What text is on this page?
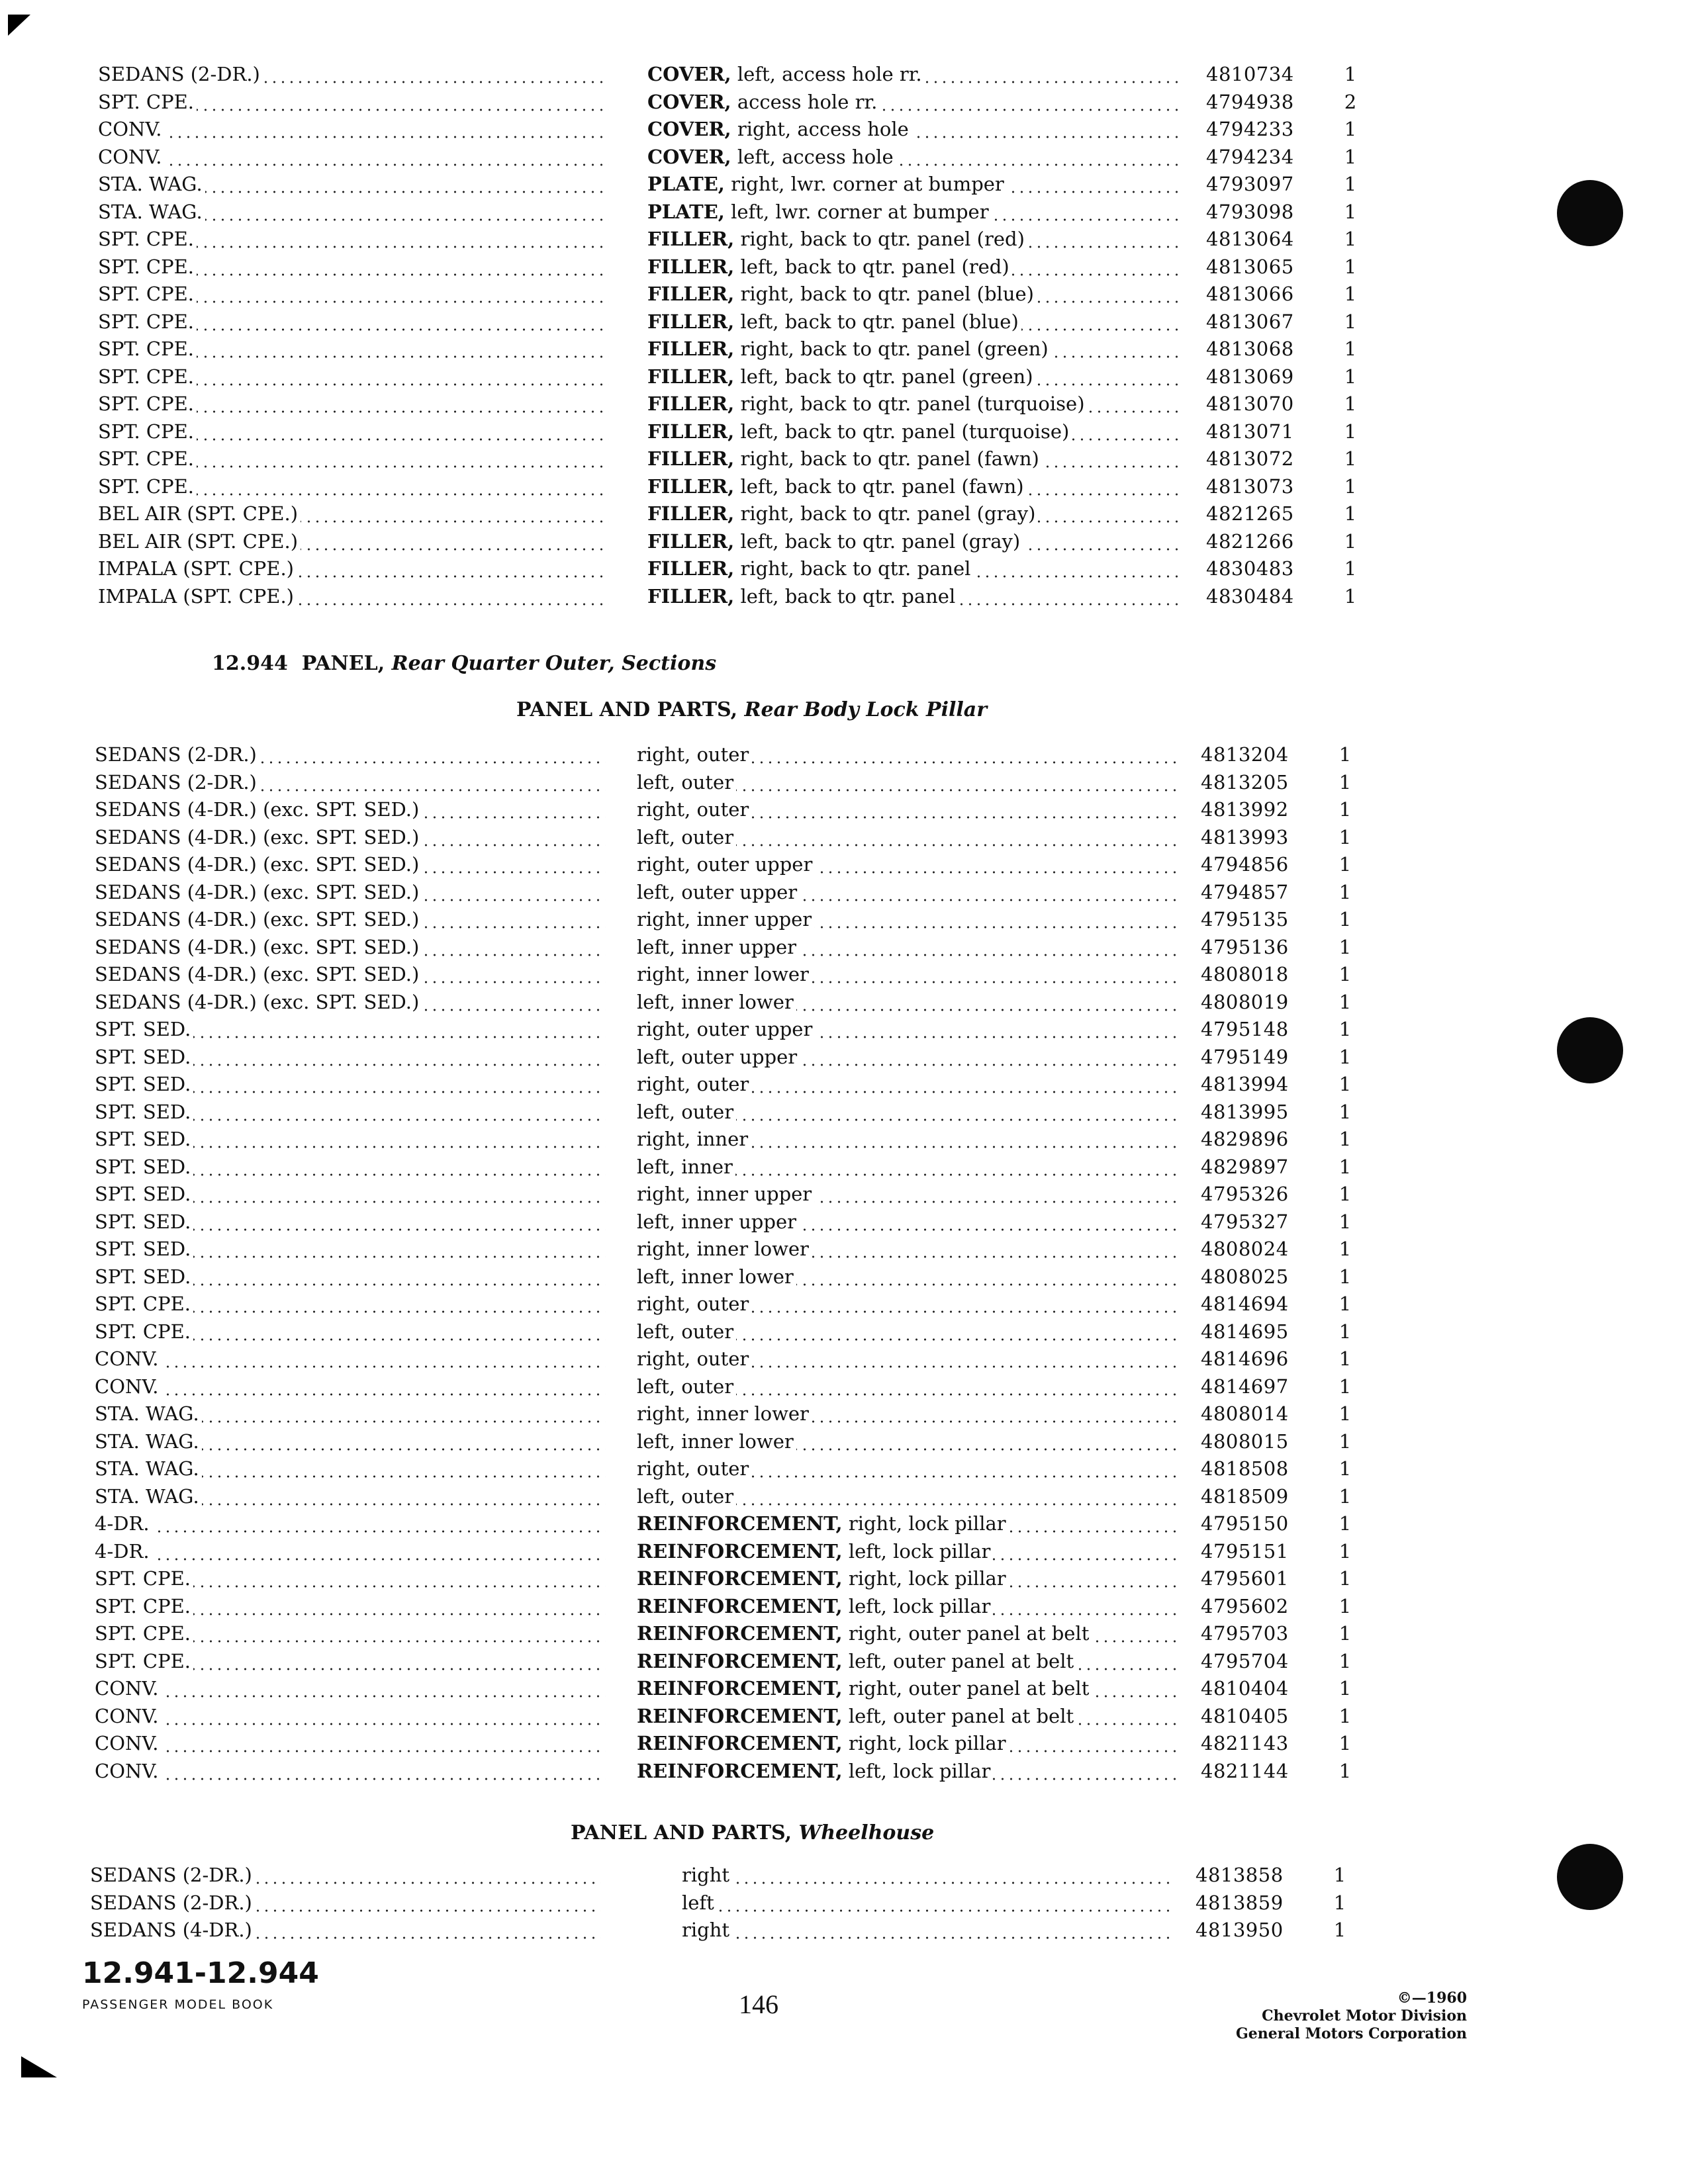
SEDANS (2-DR.)	COVER, left, access hole rr.	4810734	1
SPT. CPE.	COVER, access hole rr.	4794938	2
CONV.	COVER, right, access hole	4794233	1
CONV.	COVER, left, access hole	4794234	1
STA. WAG.	PLATE, right, lwr. corner at bumper	4793097	1
STA. WAG.	PLATE, left, lwr. corner at bumper	4793098	1
SPT. CPE.	FILLER, right, back to qtr. panel (red)	4813064	1
SPT. CPE.	FILLER, left, back to qtr. panel (red)	4813065	1
SPT. CPE.	FILLER, right, back to qtr. panel (blue)	4813066	1
SPT. CPE.	FILLER, left, back to qtr. panel (blue)	4813067	1
SPT. CPE.	FILLER, right, back to qtr. panel (green)	4813068	1
SPT. CPE.	FILLER, left, back to qtr. panel (green)	4813069	1
SPT. CPE.	FILLER, right, back to qtr. panel (turquoise)	4813070	1
SPT. CPE.	FILLER, left, back to qtr. panel (turquoise)	4813071	1
SPT. CPE.	FILLER, right, back to qtr. panel (fawn)	4813072	1
SPT. CPE.	FILLER, left, back to qtr. panel (fawn)	4813073	1
BEL AIR (SPT. CPE.)	FILLER, right, back to qtr. panel (gray)	4821265	1
BEL AIR (SPT. CPE.)	FILLER, left, back to qtr. panel (gray)	4821266	1
IMPALA (SPT. CPE.)	FILLER, right, back to qtr. panel	4830483	1
IMPALA (SPT. CPE.)	FILLER, left, back to qtr. panel	4830484	1
12.944 PANEL, Rear Quarter Outer, Sections
PANEL AND PARTS, Rear Body Lock Pillar
SEDANS (2-DR.)	right, outer	4813204	1
SEDANS (2-DR.)	left, outer	4813205	1
SEDANS (4-DR.) (exc. SPT. SED.)	right, outer	4813992	1
SEDANS (4-DR.) (exc. SPT. SED.)	left, outer	4813993	1
SEDANS (4-DR.) (exc. SPT. SED.)	right, outer upper	4794856	1
SEDANS (4-DR.) (exc. SPT. SED.)	left, outer upper	4794857	1
SEDANS (4-DR.) (exc. SPT. SED.)	right, inner upper	4795135	1
SEDANS (4-DR.) (exc. SPT. SED.)	left, inner upper	4795136	1
SEDANS (4-DR.) (exc. SPT. SED.)	right, inner lower	4808018	1
SEDANS (4-DR.) (exc. SPT. SED.)	left, inner lower	4808019	1
SPT. SED.	right, outer upper	4795148	1
SPT. SED.	left, outer upper	4795149	1
SPT. SED.	right, outer	4813994	1
SPT. SED.	left, outer	4813995	1
SPT. SED.	right, inner	4829896	1
SPT. SED.	left, inner	4829897	1
SPT. SED.	right, inner upper	4795326	1
SPT. SED.	left, inner upper	4795327	1
SPT. SED.	right, inner lower	4808024	1
SPT. SED.	left, inner lower	4808025	1
SPT. CPE.	right, outer	4814694	1
SPT. CPE.	left, outer	4814695	1
CONV.	right, outer	4814696	1
CONV.	left, outer	4814697	1
STA. WAG.	right, inner lower	4808014	1
STA. WAG.	left, inner lower	4808015	1
STA. WAG.	right, outer	4818508	1
STA. WAG.	left, outer	4818509	1
4-DR.	REINFORCEMENT, right, lock pillar	4795150	1
4-DR.	REINFORCEMENT, left, lock pillar	4795151	1
SPT. CPE.	REINFORCEMENT, right, lock pillar	4795601	1
SPT. CPE.	REINFORCEMENT, left, lock pillar	4795602	1
SPT. CPE.	REINFORCEMENT, right, outer panel at belt	4795703	1
SPT. CPE.	REINFORCEMENT, left, outer panel at belt	4795704	1
CONV.	REINFORCEMENT, right, outer panel at belt	4810404	1
CONV.	REINFORCEMENT, left, outer panel at belt	4810405	1
CONV.	REINFORCEMENT, right, lock pillar	4821143	1
CONV.	REINFORCEMENT, left, lock pillar	4821144	1
PANEL AND PARTS, Wheelhouse
SEDANS (2-DR.)	right	4813858	1
SEDANS (2-DR.)	left	4813859	1
SEDANS (4-DR.)	right	4813950	1
12.941-12.944
PASSENGER MODEL BOOK	146	©—1960
Chevrolet Motor Division
General Motors Corporation
